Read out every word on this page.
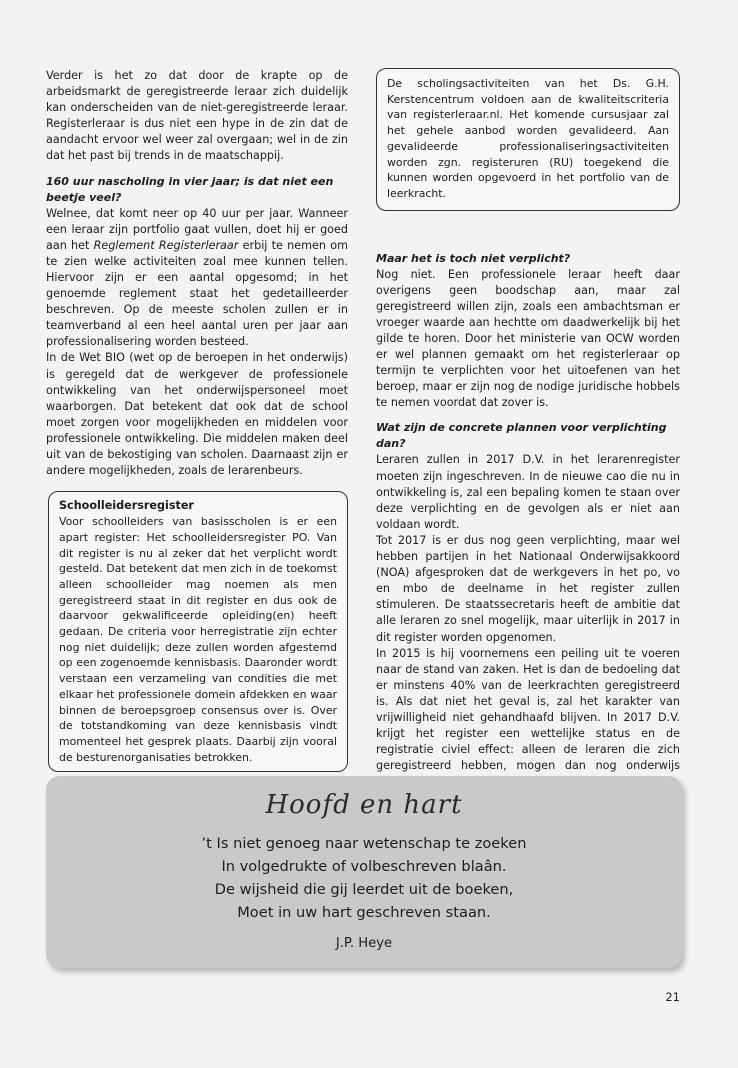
Verder is het zo dat door de krapte op de arbeidsmarkt de geregistreerde leraar zich duidelijk kan onderscheiden van de niet-geregistreerde leraar. Registerleraar is dus niet een hype in de zin dat de aandacht ervoor wel weer zal overgaan; wel in de zin dat het past bij trends in de maatschappij.

160 uur nascholing in vier jaar; is dat niet een beetje veel?

Welnee, dat komt neer op 40 uur per jaar. Wanneer een leraar zijn portfolio gaat vullen, doet hij er goed aan het Reglement Registerleraar erbij te nemen om te zien welke activiteiten zoal mee kunnen tellen. Hiervoor zijn er een aantal opgesomd; in het genoemde reglement staat het gedetailleerder beschreven. Op de meeste scholen zullen er in teamverband al een heel aantal uren per jaar aan professionalisering worden besteed.

In de Wet BIO (wet op de beroepen in het onderwijs) is geregeld dat de werkgever de professionele ontwikkeling van het onderwijspersoneel moet waarborgen. Dat betekent dat ook dat de school moet zorgen voor mogelijkheden en middelen voor professionele ontwikkeling. Die middelen maken deel uit van de bekostiging van scholen. Daarnaast zijn er andere mogelijkheden, zoals de lerarenbeurs.

Schoolleidersregister
Voor schoolleiders van basisscholen is er een apart register: Het schoolleidersregister PO. Van dit register is nu al zeker dat het verplicht wordt gesteld. Dat betekent dat men zich in de toekomst alleen schoolleider mag noemen als men geregistreerd staat in dit register en dus ook de daarvoor gekwalificeerde opleiding(en) heeft gedaan. De criteria voor herregistratie zijn echter nog niet duidelijk; deze zullen worden afgestemd op een zogenoemde kennisbasis. Daaronder wordt verstaan een verzameling van condities die met elkaar het professionele domein afdekken en waar binnen de beroepsgroep consensus over is. Over de totstandkoming van deze kennisbasis vindt momenteel het gesprek plaats. Daarbij zijn vooral de besturenorganisaties betrokken.
De scholingsactiviteiten van het Ds. G.H. Kerstencentrum voldoen aan de kwaliteitscriteria van registerleraar.nl. Het komende cursusjaar zal het gehele aanbod worden gevalideerd. Aan gevalideerde professionaliseringsactiviteiten worden zgn. registeruren (RU) toegekend die kunnen worden opgevoerd in het portfolio van de leerkracht.
Maar het is toch niet verplicht?

Nog niet. Een professionele leraar heeft daar overigens geen boodschap aan, maar zal geregistreerd willen zijn, zoals een ambachtsman er vroeger waarde aan hechtte om daadwerkelijk bij het gilde te horen. Door het ministerie van OCW worden er wel plannen gemaakt om het registerleraar op termijn te verplichten voor het uitoefenen van het beroep, maar er zijn nog de nodige juridische hobbels te nemen voordat dat zover is.

Wat zijn de concrete plannen voor verplichting dan?

Leraren zullen in 2017 D.V. in het lerarenregister moeten zijn ingeschreven. In de nieuwe cao die nu in ontwikkeling is, zal een bepaling komen te staan over deze verplichting en de gevolgen als er niet aan voldaan wordt.

Tot 2017 is er dus nog geen verplichting, maar wel hebben partijen in het Nationaal Onderwijsakkoord (NOA) afgesproken dat de werkgevers in het po, vo en mbo de deelname in het register zullen stimuleren. De staatssecretaris heeft de ambitie dat alle leraren zo snel mogelijk, maar uiterlijk in 2017 in dit register worden opgenomen.

In 2015 is hij voornemens een peiling uit te voeren naar de stand van zaken. Het is dan de bedoeling dat er minstens 40% van de leerkrachten geregistreerd is. Als dat niet het geval is, zal het karakter van vrijwilligheid niet gehandhaafd blijven. In 2017 D.V. krijgt het register een wettelijke status en de registratie civiel effect: alleen de leraren die zich geregistreerd hebben, mogen dan nog onderwijs

Hoofd en hart
’t Is niet genoeg naar wetenschap te zoeken
In volgedrukte of volbeschreven blaân.
De wijsheid die gij leerdet uit de boeken,
Moet in uw hart geschreven staan.
J.P. Heye
21
